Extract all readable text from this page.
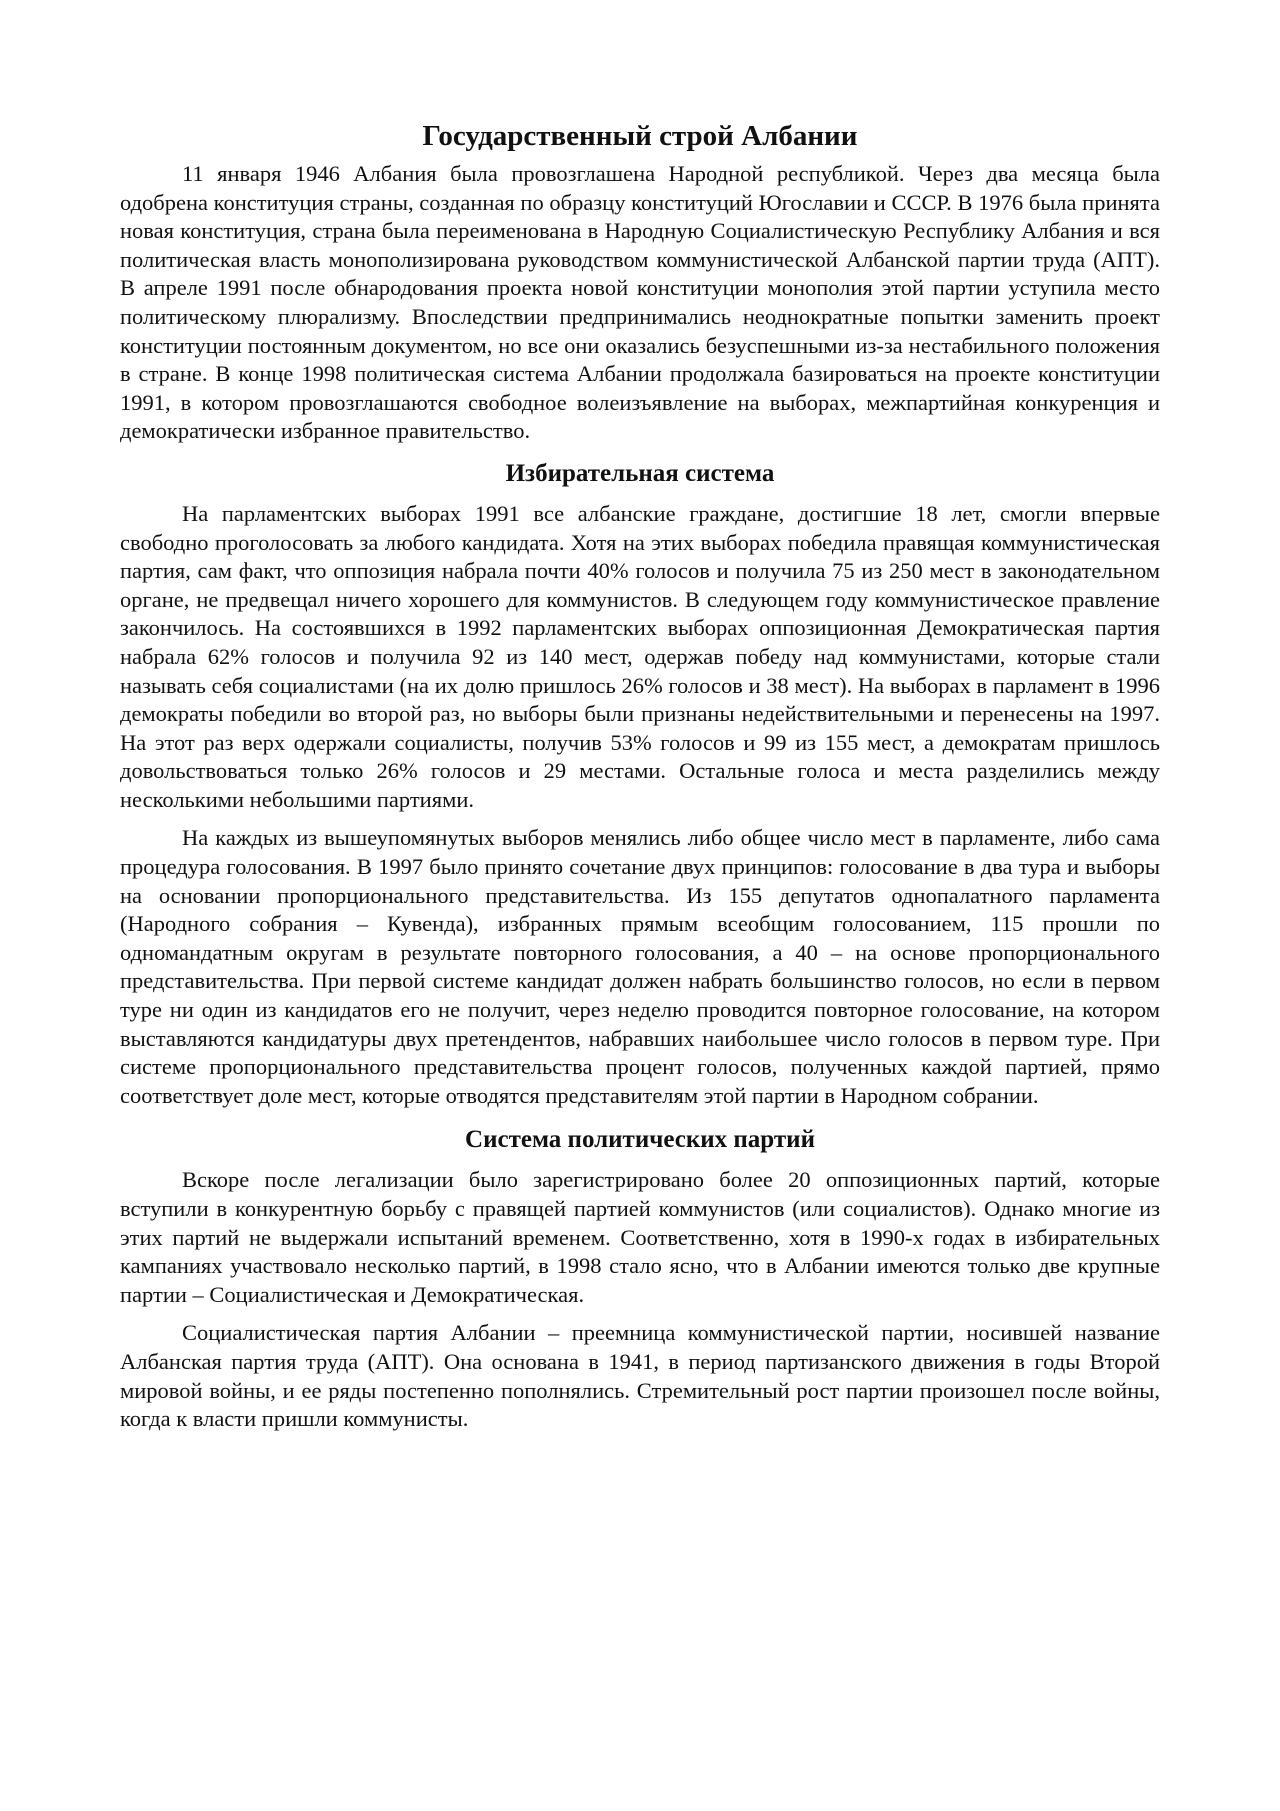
Государственный строй Албании

11 января 1946 Албания была провозглашена Народной республикой. Через два месяца была одобрена конституция страны, созданная по образцу конституций Югославии и СССР. В 1976 была принята новая конституция, страна была переименована в Народную Социалистическую Республику Албания и вся политическая власть монополизирована руководством коммунистической Албанской партии труда (АПТ). В апреле 1991 после обнародования проекта новой конституции монополия этой партии уступила место политическому плюрализму. Впоследствии предпринимались неоднократные попытки заменить проект конституции постоянным документом, но все они оказались безуспешными из-за нестабильного положения в стране. В конце 1998 политическая система Албании продолжала базироваться на проекте конституции 1991, в котором провозглашаются свободное волеизъявление на выборах, межпартийная конкуренция и демократически избранное правительство.

Избирательная система

На парламентских выборах 1991 все албанские граждане, достигшие 18 лет, смогли впервые свободно проголосовать за любого кандидата. Хотя на этих выборах победила правящая коммунистическая партия, сам факт, что оппозиция набрала почти 40% голосов и получила 75 из 250 мест в законодательном органе, не предвещал ничего хорошего для коммунистов. В следующем году коммунистическое правление закончилось. На состоявшихся в 1992 парламентских выборах оппозиционная Демократическая партия набрала 62% голосов и получила 92 из 140 мест, одержав победу над коммунистами, которые стали называть себя социалистами (на их долю пришлось 26% голосов и 38 мест). На выборах в парламент в 1996 демократы победили во второй раз, но выборы были признаны недействительными и перенесены на 1997. На этот раз верх одержали социалисты, получив 53% голосов и 99 из 155 мест, а демократам пришлось довольствоваться только 26% голосов и 29 местами. Остальные голоса и места разделились между несколькими небольшими партиями.

На каждых из вышеупомянутых выборов менялись либо общее число мест в парламенте, либо сама процедура голосования. В 1997 было принято сочетание двух принципов: голосование в два тура и выборы на основании пропорционального представительства. Из 155 депутатов однопалатного парламента (Народного собрания – Кувенда), избранных прямым всеобщим голосованием, 115 прошли по одномандатным округам в результате повторного голосования, а 40 – на основе пропорционального представительства. При первой системе кандидат должен набрать большинство голосов, но если в первом туре ни один из кандидатов его не получит, через неделю проводится повторное голосование, на котором выставляются кандидатуры двух претендентов, набравших наибольшее число голосов в первом туре. При системе пропорционального представительства процент голосов, полученных каждой партией, прямо соответствует доле мест, которые отводятся представителям этой партии в Народном собрании.

Система политических партий

Вскоре после легализации было зарегистрировано более 20 оппозиционных партий, которые вступили в конкурентную борьбу с правящей партией коммунистов (или социалистов). Однако многие из этих партий не выдержали испытаний временем. Соответственно, хотя в 1990-х годах в избирательных кампаниях участвовало несколько партий, в 1998 стало ясно, что в Албании имеются только две крупные партии – Социалистическая и Демократическая.

Социалистическая партия Албании – преемница коммунистической партии, носившей название Албанская партия труда (АПТ). Она основана в 1941, в период партизанского движения в годы Второй мировой войны, и ее ряды постепенно пополнялись. Стремительный рост партии произошел после войны, когда к власти пришли коммунисты.
